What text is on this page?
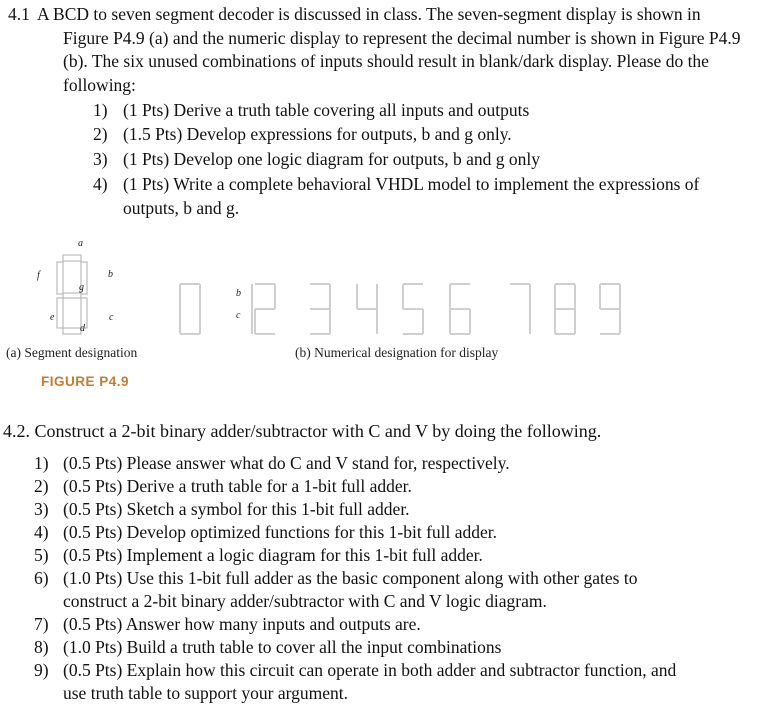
4.1 A BCD to seven segment decoder is discussed in class. The seven-segment display is shown in
Figure P4.9 (a) and the numeric display to represent the decimal number is shown in Figure P4.9
(b). The six unused combinations of inputs should result in blank/dark display. Please do the
following:
1) (1 Pts) Derive a truth table covering all inputs and outputs
2) (1.5 Pts) Develop expressions for outputs, b and g only.
3) (1 Pts) Develop one logic diagram for outputs, b and g only
4) (1 Pts) Write a complete behavioral VHDL model to implement the expressions of
outputs, b and g.
a
f	b
g
e	c
d
b
c
(a) Segment designation	(b) Numerical designation for display
FIGURE P4.9
4.2. Construct a 2-bit binary adder/subtractor with C and V by doing the following.
1) (0.5 Pts) Please answer what do C and V stand for, respectively.
2) (0.5 Pts) Derive a truth table for a 1-bit full adder.
3) (0.5 Pts) Sketch a symbol for this 1-bit full adder.
4) (0.5 Pts) Develop optimized functions for this 1-bit full adder.
5) (0.5 Pts) Implement a logic diagram for this 1-bit full adder.
6) (1.0 Pts) Use this 1-bit full adder as the basic component along with other gates to
construct a 2-bit binary adder/subtractor with C and V logic diagram.
7) (0.5 Pts) Answer how many inputs and outputs are.
8) (1.0 Pts) Build a truth table to cover all the input combinations
9) (0.5 Pts) Explain how this circuit can operate in both adder and subtractor function, and
use truth table to support your argument.
